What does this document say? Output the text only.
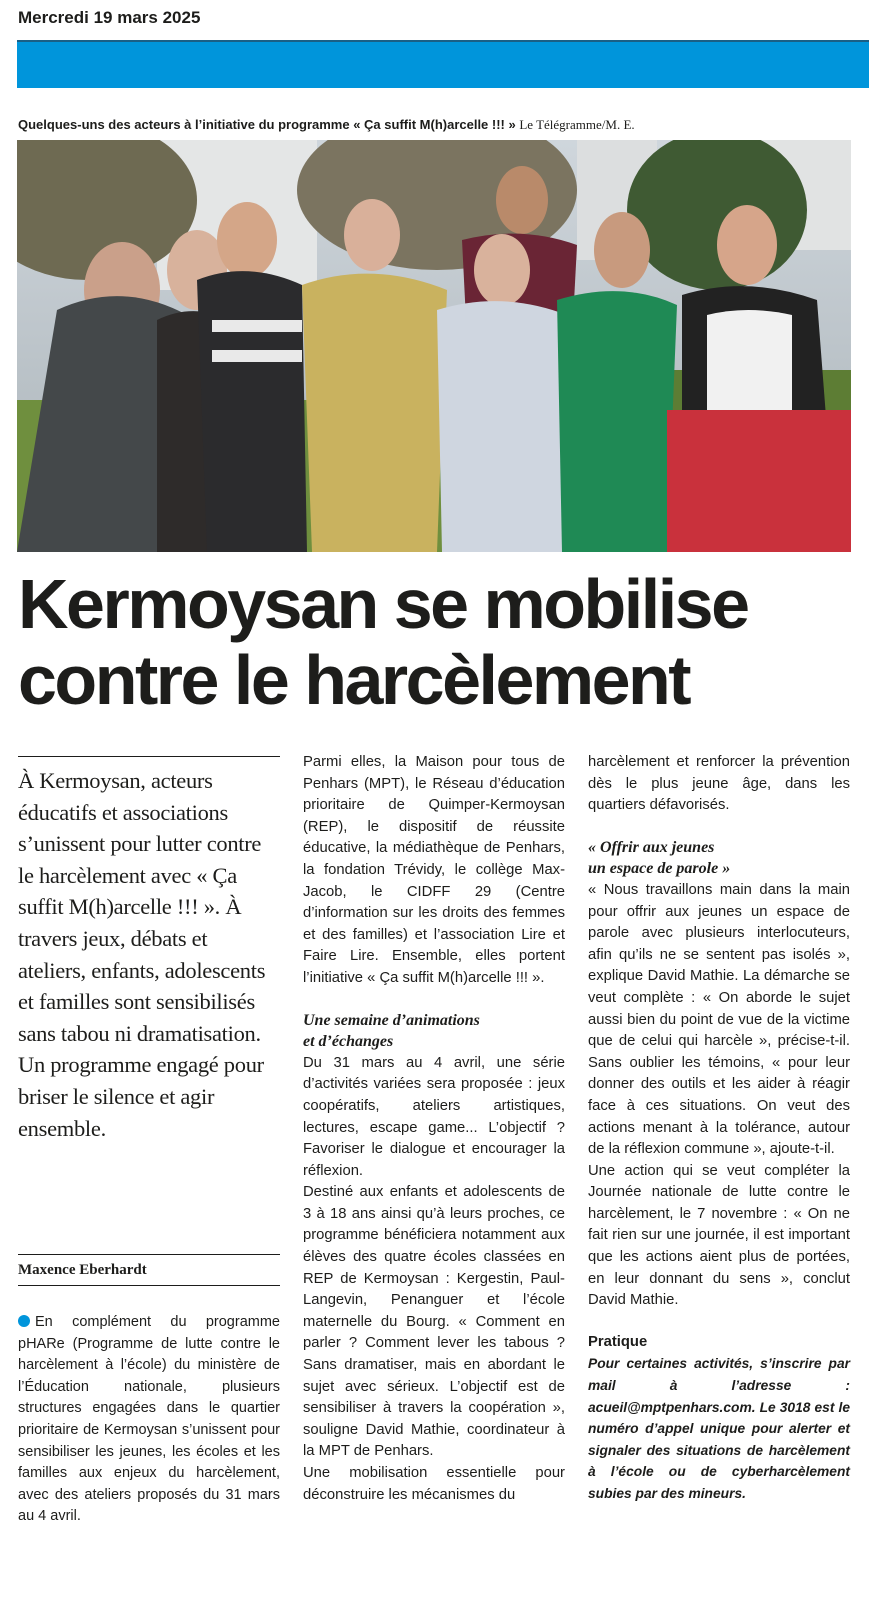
Mercredi 19 mars 2025
Quelques-uns des acteurs à l’initiative du programme « Ça suffit M(h)arcelle !!! » Le Télégramme/M. E.
Kermoysan se mobilise
contre le harcèlement
À Kermoysan, acteurs éducatifs et associations s’unissent pour lutter contre le harcèlement avec « Ça suffit M(h)arcelle !!! ». À travers jeux, débats et ateliers, enfants, adolescents et familles sont sensibilisés sans tabou ni dramatisation. Un programme engagé pour briser le silence et agir ensemble.
Maxence Eberhardt
En complément du programme pHARe (Programme de lutte contre le harcèlement à l’école) du ministère de l’Éducation nationale, plusieurs structures engagées dans le quartier prioritaire de Kermoysan s’unissent pour sensibiliser les jeunes, les écoles et les familles aux enjeux du harcèlement, avec des ateliers proposés du 31 mars au 4 avril.

Parmi elles, la Maison pour tous de Penhars (MPT), le Réseau d’éducation prioritaire de Quimper-Kermoysan (REP), le dispositif de réussite éducative, la médiathèque de Penhars, la fondation Trévidy, le collège Max-Jacob, le CIDFF 29 (Centre d’information sur les droits des femmes et des familles) et l’association Lire et Faire Lire. Ensemble, elles portent l’initiative « Ça suffit M(h)arcelle !!! ».

Une semaine d’animations
et d’échanges

Du 31 mars au 4 avril, une série d’activités variées sera proposée : jeux coopératifs, ateliers artistiques, lectures, escape game... L’objectif ? Favoriser le dialogue et encourager la réflexion.

Destiné aux enfants et adolescents de 3 à 18 ans ainsi qu’à leurs proches, ce programme bénéficiera notamment aux élèves des quatre écoles classées en REP de Kermoysan : Kergestin, Paul-Langevin, Penanguer et l’école maternelle du Bourg. « Comment en parler ? Comment lever les tabous ? Sans dramatiser, mais en abordant le sujet avec sérieux. L’objectif est de sensibiliser à travers la coopération », souligne David Mathie, coordinateur à la MPT de Penhars.

Une mobilisation essentielle pour déconstruire les mécanismes du

harcèlement et renforcer la prévention dès le plus jeune âge, dans les quartiers défavorisés.

« Offrir aux jeunes
un espace de parole »

« Nous travaillons main dans la main pour offrir aux jeunes un espace de parole avec plusieurs interlocuteurs, afin qu’ils ne se sentent pas isolés », explique David Mathie. La démarche se veut complète : « On aborde le sujet aussi bien du point de vue de la victime que de celui qui harcèle », précise-t-il. Sans oublier les témoins, « pour leur donner des outils et les aider à réagir face à ces situations. On veut des actions menant à la tolérance, autour de la réflexion commune », ajoute-t-il.

Une action qui se veut compléter la Journée nationale de lutte contre le harcèlement, le 7 novembre : « On ne fait rien sur une journée, il est important que les actions aient plus de portées, en leur donnant du sens », conclut David Mathie.

Pratique

Pour certaines activités, s’inscrire par mail à l’adresse : acueil@mptpenhars.com. Le 3018 est le numéro d’appel unique pour alerter et signaler des situations de harcèlement à l’école ou de cyberharcèlement subies par des mineurs.
